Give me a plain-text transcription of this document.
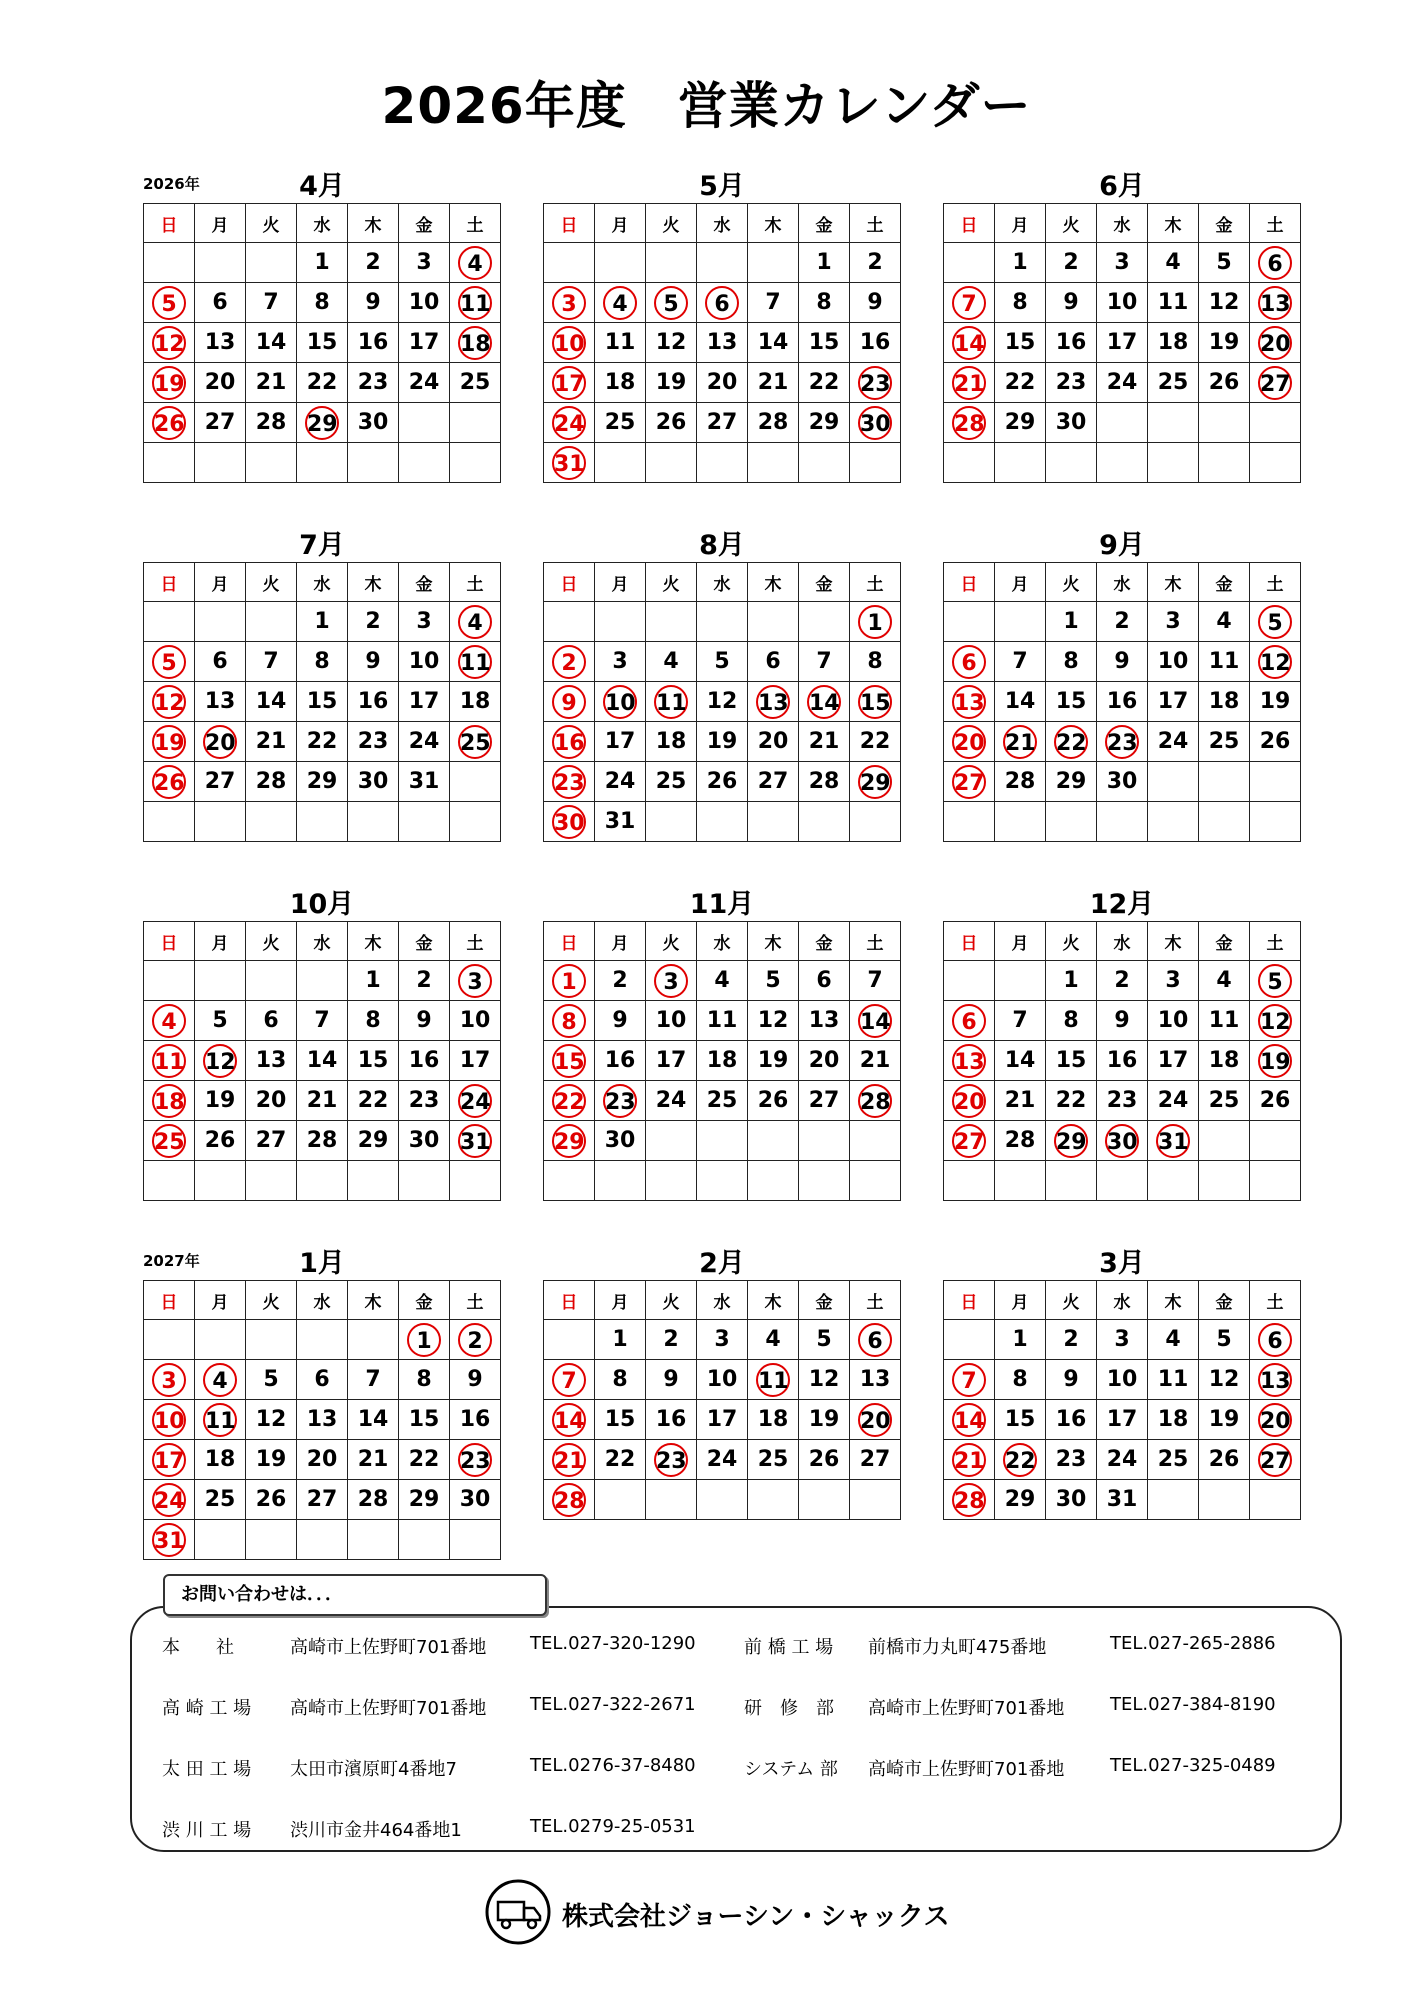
2026年度　営業カレンダー
2026年	4月
日	月	火	水	木	金	土
			1	2	3	4
5	6	7	8	9	10	11
12	13	14	15	16	17	18
19	20	21	22	23	24	25
26	27	28	29	30		

5月
日	月	火	水	木	金	土
					1	2
3	4	5	6	7	8	9
10	11	12	13	14	15	16
17	18	19	20	21	22	23
24	25	26	27	28	29	30
31						
6月
日	月	火	水	木	金	土
	1	2	3	4	5	6
7	8	9	10	11	12	13
14	15	16	17	18	19	20
21	22	23	24	25	26	27
28	29	30				

7月
日	月	火	水	木	金	土
			1	2	3	4
5	6	7	8	9	10	11
12	13	14	15	16	17	18
19	20	21	22	23	24	25
26	27	28	29	30	31	

8月
日	月	火	水	木	金	土
						1
2	3	4	5	6	7	8
9	10	11	12	13	14	15
16	17	18	19	20	21	22
23	24	25	26	27	28	29
30	31					
9月
日	月	火	水	木	金	土
		1	2	3	4	5
6	7	8	9	10	11	12
13	14	15	16	17	18	19
20	21	22	23	24	25	26
27	28	29	30			

10月
日	月	火	水	木	金	土
				1	2	3
4	5	6	7	8	9	10
11	12	13	14	15	16	17
18	19	20	21	22	23	24
25	26	27	28	29	30	31

11月
日	月	火	水	木	金	土
1	2	3	4	5	6	7
8	9	10	11	12	13	14
15	16	17	18	19	20	21
22	23	24	25	26	27	28
29	30					

12月
日	月	火	水	木	金	土
		1	2	3	4	5
6	7	8	9	10	11	12
13	14	15	16	17	18	19
20	21	22	23	24	25	26
27	28	29	30	31		

2027年	1月
日	月	火	水	木	金	土
					1	2
3	4	5	6	7	8	9
10	11	12	13	14	15	16
17	18	19	20	21	22	23
24	25	26	27	28	29	30
31						
2月
日	月	火	水	木	金	土
	1	2	3	4	5	6
7	8	9	10	11	12	13
14	15	16	17	18	19	20
21	22	23	24	25	26	27
28						
3月
日	月	火	水	木	金	土
	1	2	3	4	5	6
7	8	9	10	11	12	13
14	15	16	17	18	19	20
21	22	23	24	25	26	27
28	29	30	31			
お問い合わせは．．．
本　　社	高崎市上佐野町701番地 TEL.027-320-1290	前 橋 工 場 前橋市力丸町475番地	TEL.027-265-2886
高 崎 工 場 高崎市上佐野町701番地 TEL.027-322-2671	研　修　部 高崎市上佐野町701番地	TEL.027-384-8190
太 田 工 場 太田市濱原町4番地7	TEL.0276-37-8480	システム 部 高崎市上佐野町701番地	TEL.027-325-0489
渋 川 工 場 渋川市金井464番地1	TEL.0279-25-0531
株式会社ジョーシン・シャックス
